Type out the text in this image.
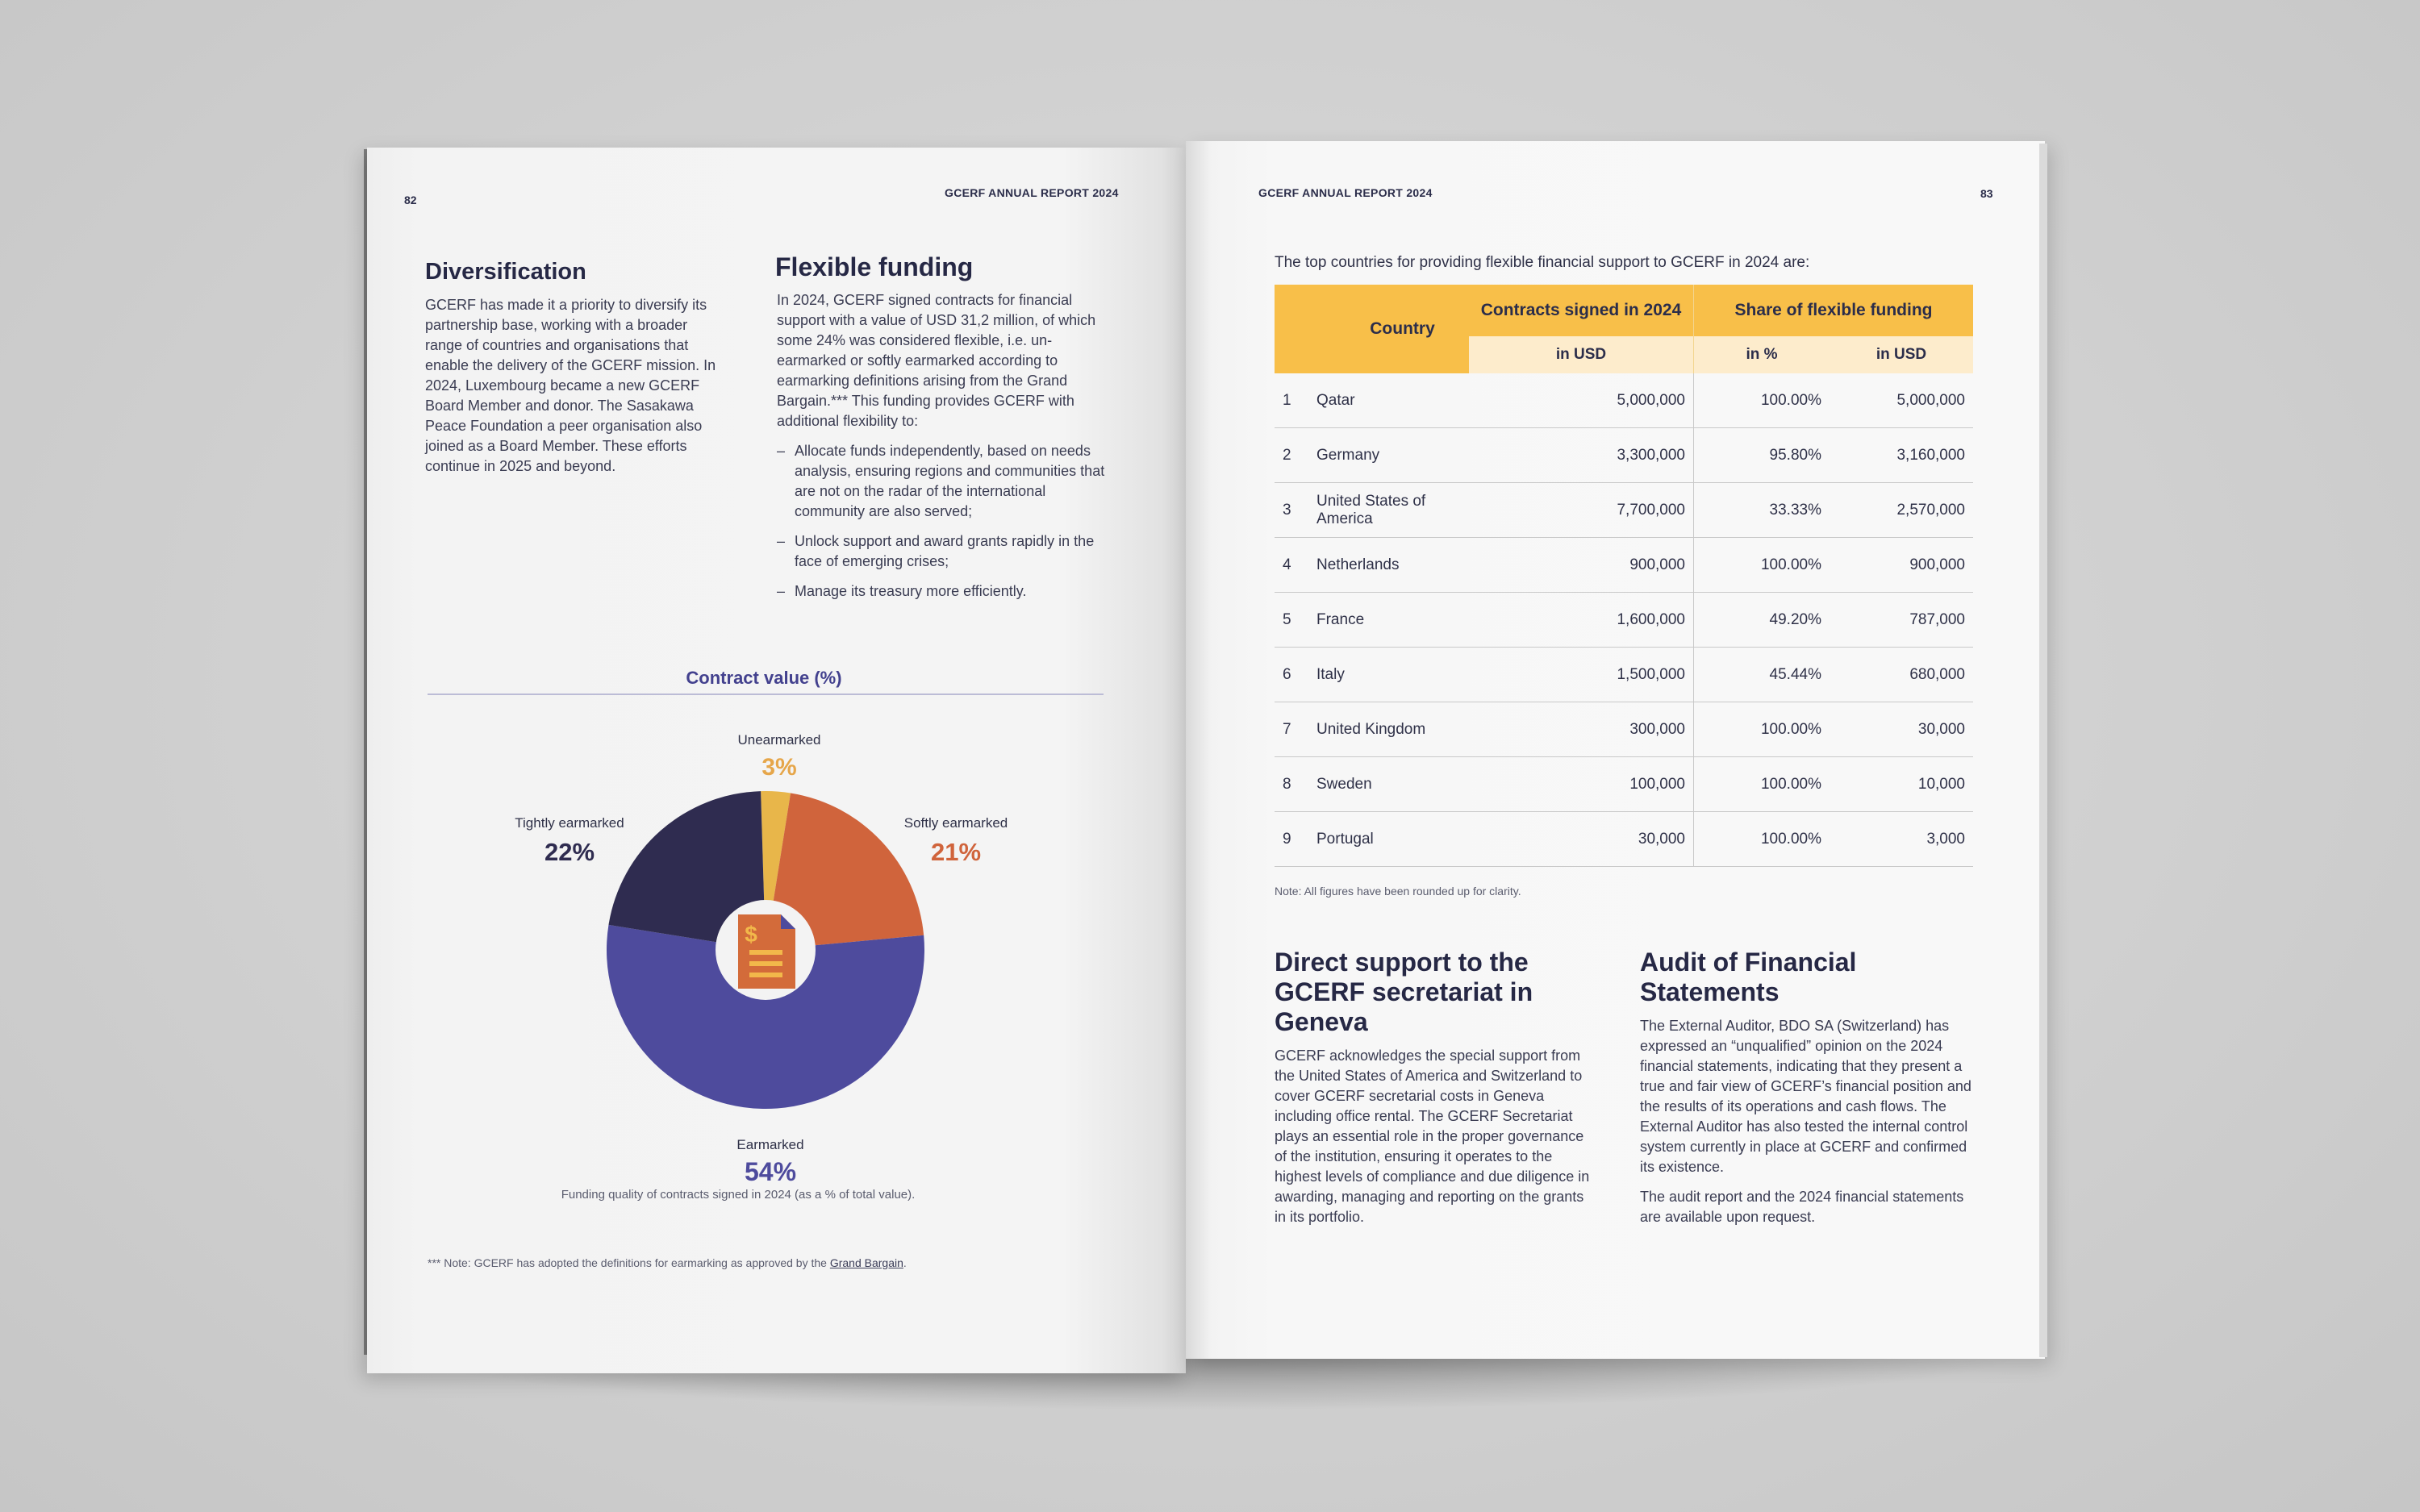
82
GCERF ANNUAL REPORT 2024
Diversification
GCERF has made it a priority to diversify its partnership base, working with a broader range of countries and organisations that enable the delivery of the GCERF mission. In 2024, Luxembourg became a new GCERF Board Member and donor. The Sasakawa Peace Foundation a peer organisation also joined as a Board Member. These efforts continue in 2025 and beyond.
Flexible funding
In 2024, GCERF signed contracts for financial support with a value of USD 31,2 million, of which some 24% was considered flexible, i.e. un-earmarked or softly earmarked according to earmarking definitions arising from the Grand Bargain.*** This funding provides GCERF with additional flexibility to:
– Allocate funds independently, based on needs analysis, ensuring regions and communities that are not on the radar of the international community are also served;
– Unlock support and award grants rapidly in the face of emerging crises;
– Manage its treasury more efficiently.
Contract value (%)
$
Unearmarked
3%
Softly earmarked
21%
Earmarked
54%
Tightly earmarked
22%
Funding quality of contracts signed in 2024 (as a % of total value).
*** Note: GCERF has adopted the definitions for earmarking as approved by the Grand Bargain.
GCERF ANNUAL REPORT 2024	83
The top countries for providing flexible financial support to GCERF in 2024 are:
Country		Contracts signed in 2024	Share of flexible funding	
		in USD	in %	in USD
1	Qatar	5,000,000	100.00%	5,000,000
2	Germany	3,300,000	95.80%	3,160,000
3	United States of America	7,700,000	33.33%	2,570,000
4	Netherlands	900,000	100.00%	900,000
5	France	1,600,000	49.20%	787,000
6	Italy	1,500,000	45.44%	680,000
7	United Kingdom	300,000	100.00%	30,000
8	Sweden	100,000	100.00%	10,000
9	Portugal	30,000	100.00%	3,000
Note: All figures have been rounded up for clarity.
Direct support to the GCERF secretariat in Geneva
GCERF acknowledges the special support from the United States of America and Switzerland to cover GCERF secretarial costs in Geneva including office rental. The GCERF Secretariat plays an essential role in the proper governance of the institution, ensuring it operates to the highest levels of compliance and due diligence in awarding, managing and reporting on the grants in its portfolio.
Audit of Financial Statements

The External Auditor, BDO SA (Switzerland) has expressed an “unqualified” opinion on the 2024 financial statements, indicating that they present a true and fair view of GCERF’s financial position and the results of its operations and cash flows. The External Auditor has also tested the internal control system currently in place at GCERF and confirmed its existence.

The audit report and the 2024 financial statements are available upon request.
